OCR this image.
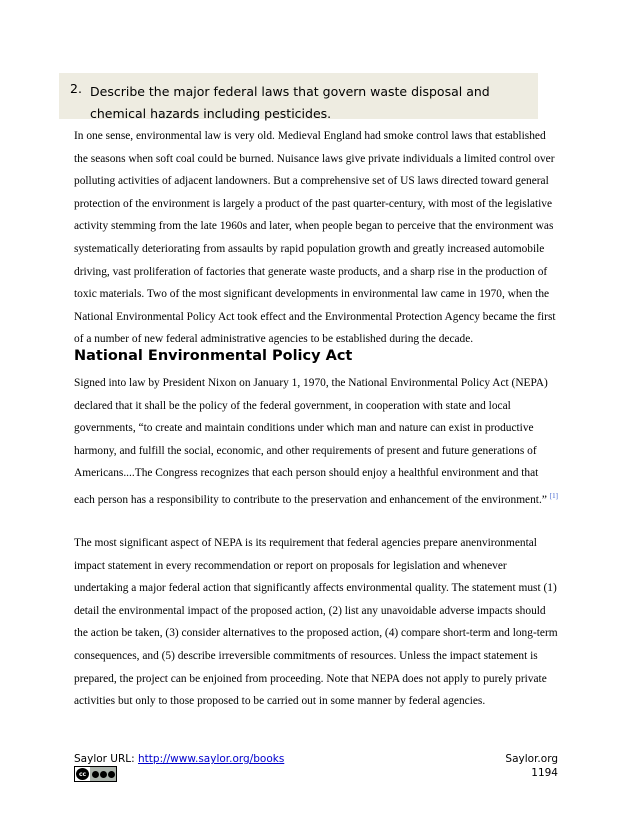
2. Describe the major federal laws that govern waste disposal and chemical hazards including pesticides.
In one sense, environmental law is very old. Medieval England had smoke control laws that established the seasons when soft coal could be burned. Nuisance laws give private individuals a limited control over polluting activities of adjacent landowners. But a comprehensive set of US laws directed toward general protection of the environment is largely a product of the past quarter-century, with most of the legislative activity stemming from the late 1960s and later, when people began to perceive that the environment was systematically deteriorating from assaults by rapid population growth and greatly increased automobile driving, vast proliferation of factories that generate waste products, and a sharp rise in the production of toxic materials. Two of the most significant developments in environmental law came in 1970, when the National Environmental Policy Act took effect and the Environmental Protection Agency became the first of a number of new federal administrative agencies to be established during the decade.
National Environmental Policy Act
Signed into law by President Nixon on January 1, 1970, the National Environmental Policy Act (NEPA) declared that it shall be the policy of the federal government, in cooperation with state and local governments, “to create and maintain conditions under which man and nature can exist in productive harmony, and fulfill the social, economic, and other requirements of present and future generations of Americans....The Congress recognizes that each person should enjoy a healthful environment and that each person has a responsibility to contribute to the preservation and enhancement of the environment.” [1]
The most significant aspect of NEPA is its requirement that federal agencies prepare anenvironmental impact statement in every recommendation or report on proposals for legislation and whenever undertaking a major federal action that significantly affects environmental quality. The statement must (1) detail the environmental impact of the proposed action, (2) list any unavoidable adverse impacts should the action be taken, (3) consider alternatives to the proposed action, (4) compare short-term and long-term consequences, and (5) describe irreversible commitments of resources. Unless the impact statement is prepared, the project can be enjoined from proceeding. Note that NEPA does not apply to purely private activities but only to those proposed to be carried out in some manner by federal agencies.
Saylor URL: http://www.saylor.org/books
cc
Saylor.org
1194
